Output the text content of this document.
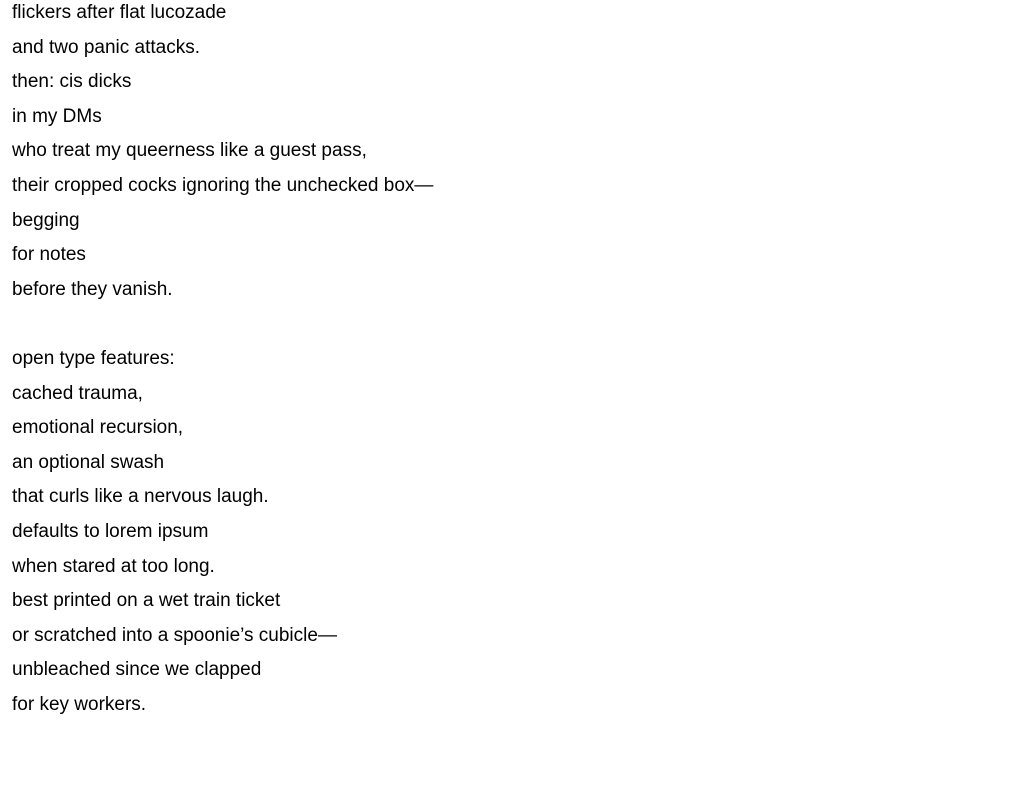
flickers after flat lucozade
and two panic attacks.
then: cis dicks
in my DMs
who treat my queerness like a guest pass,
their cropped cocks ignoring the unchecked box—
begging
for notes
before they vanish.
open type features:
cached trauma,
emotional recursion,
an optional swash
that curls like a nervous laugh.
defaults to lorem ipsum
when stared at too long.
best printed on a wet train ticket
or scratched into a spoonie’s cubicle—
unbleached since we clapped
for key workers.
